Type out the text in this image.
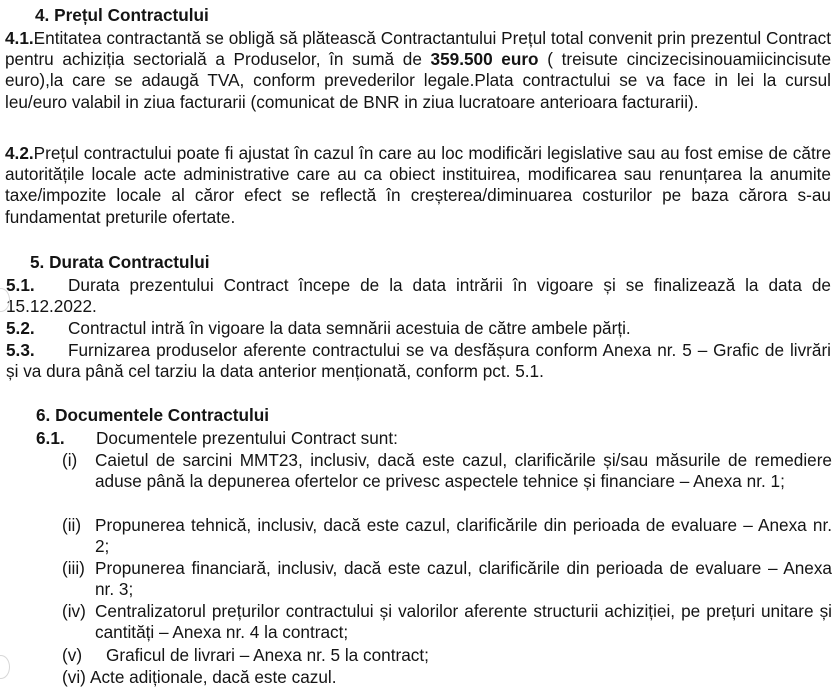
4. Prețul Contractului
4.1.Entitatea contractantă se obligă să plătească Contractantului Prețul total convenit prin prezentul Contract pentru achiziția sectorială a Produselor, în sumă de 359.500 euro ( treisute cincizecisinouamiicincisute euro),la care se adaugă TVA, conform prevederilor legale.Plata contractului se va face in lei la cursul leu/euro valabil in ziua facturarii (comunicat de BNR in ziua lucratoare anterioara facturarii).
4.2.Prețul contractului poate fi ajustat în cazul în care au loc modificări legislative sau au fost emise de către autoritățile locale acte administrative care au ca obiect instituirea, modificarea sau renunțarea la anumite taxe/impozite locale al căror efect se reflectă în creșterea/diminuarea costurilor pe baza cărora s-au fundamentat preturile ofertate.
5. Durata Contractului
5.1. Durata prezentului Contract începe de la data intrării în vigoare și se finalizează la data de 15.12.2022.
5.2. Contractul intră în vigoare la data semnării acestuia de către ambele părți.
5.3. Furnizarea produselor aferente contractului se va desfășura conform Anexa nr. 5 – Grafic de livrări și va dura până cel tarziu la data anterior menționată, conform pct. 5.1.
6. Documentele Contractului
6.1. Documentele prezentului Contract sunt:
(i)	Caietul de sarcini MMT23, inclusiv, dacă este cazul, clarificările și/sau măsurile de remediere aduse până la depunerea ofertelor ce privesc aspectele tehnice și financiare – Anexa nr. 1;
(ii) Propunerea tehnică, inclusiv, dacă este cazul, clarificările din perioada de evaluare – Anexa nr. 2;
(iii) Propunerea financiară, inclusiv, dacă este cazul, clarificările din perioada de evaluare – Anexa nr. 3;
(iv) Centralizatorul prețurilor contractului și valorilor aferente structurii achiziției, pe prețuri unitare și cantități – Anexa nr. 4 la contract;
(v)	Graficul de livrari – Anexa nr. 5 la contract;
(vi) Acte adiționale, dacă este cazul.
